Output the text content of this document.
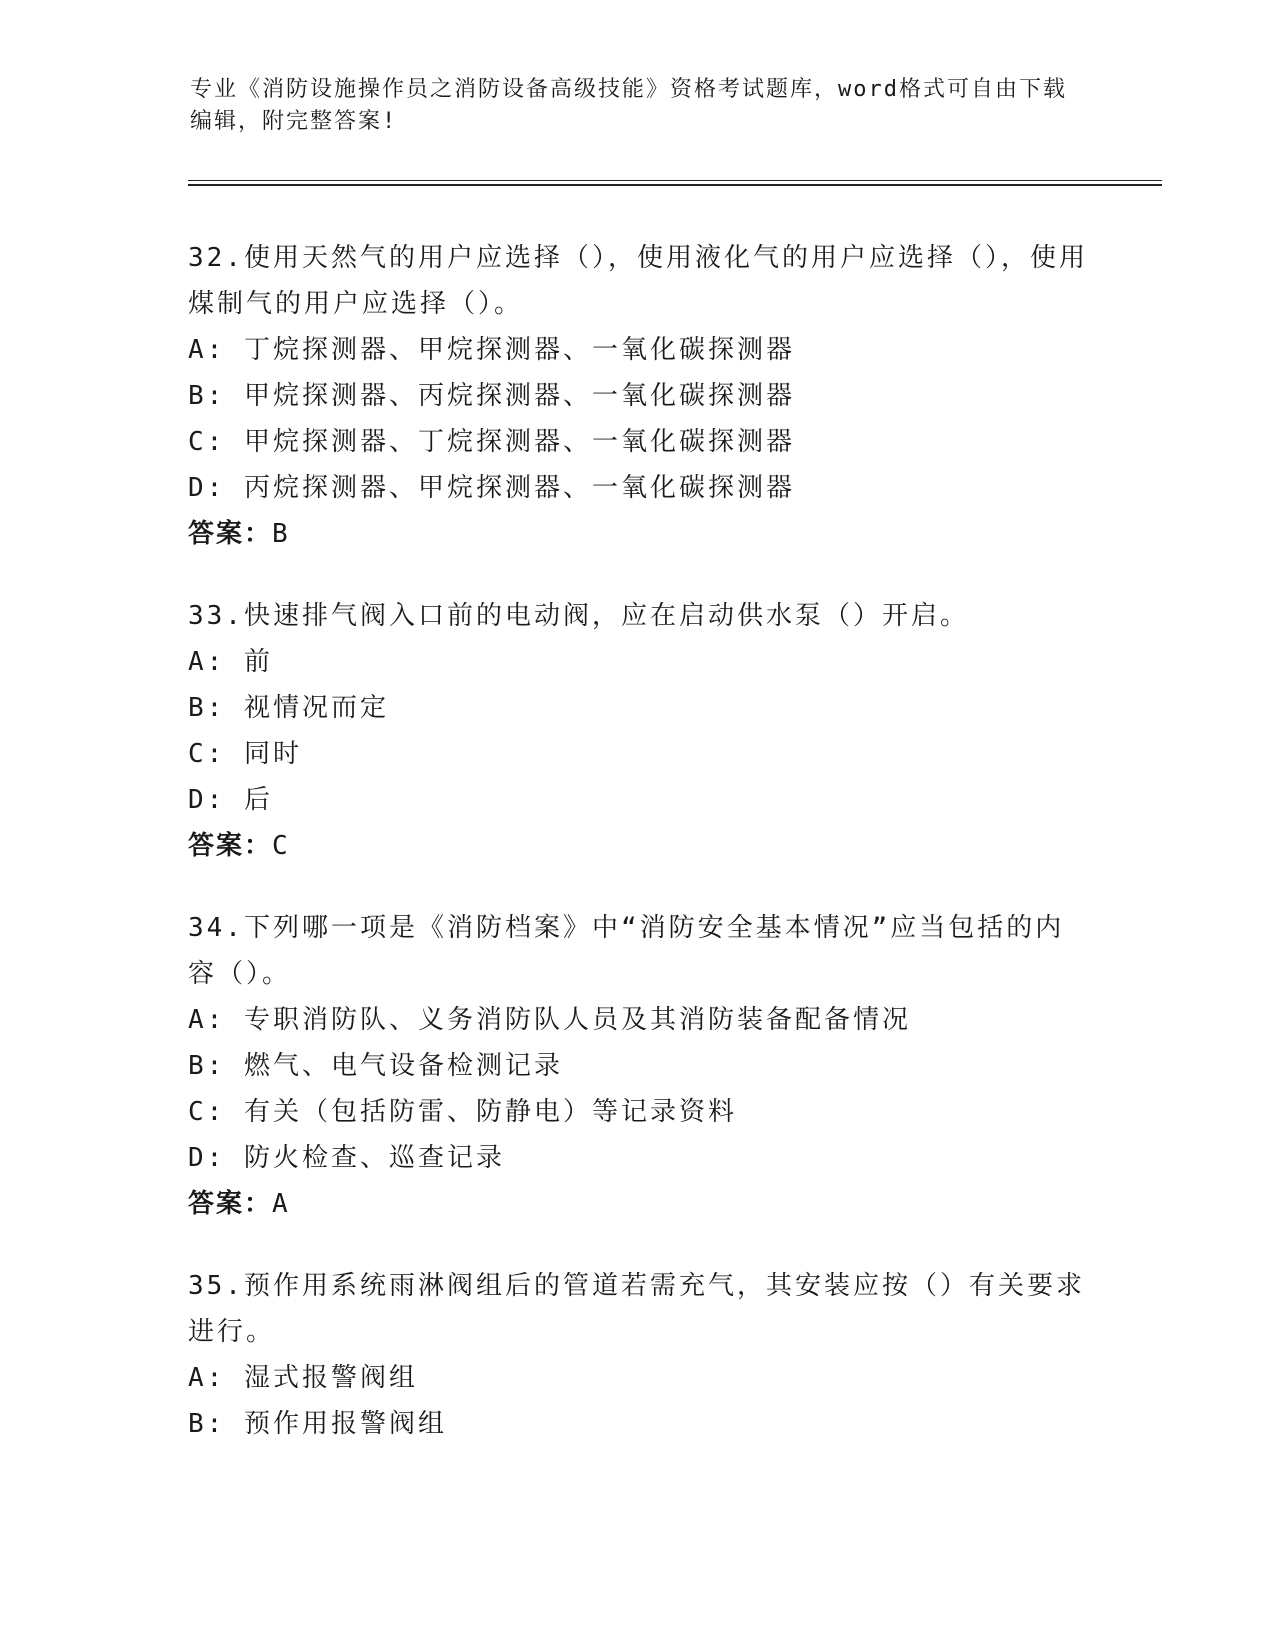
专业《消防设施操作员之消防设备高级技能》资格考试题库，word格式可自由下载编辑，附完整答案!

32.使用天然气的用户应选择（），使用液化气的用户应选择（），使用煤制气的用户应选择（）。

A: 丁烷探测器、甲烷探测器、一氧化碳探测器

B: 甲烷探测器、丙烷探测器、一氧化碳探测器

C: 甲烷探测器、丁烷探测器、一氧化碳探测器

D: 丙烷探测器、甲烷探测器、一氧化碳探测器

答案：B

33.快速排气阀入口前的电动阀，应在启动供水泵（）开启。

A: 前

B: 视情况而定

C: 同时

D: 后

答案：C

34.下列哪一项是《消防档案》中“消防安全基本情况”应当包括的内容（）。

A: 专职消防队、义务消防队人员及其消防装备配备情况

B: 燃气、电气设备检测记录

C: 有关（包括防雷、防静电）等记录资料

D: 防火检查、巡查记录

答案：A

35.预作用系统雨淋阀组后的管道若需充气，其安装应按（）有关要求进行。

A: 湿式报警阀组

B: 预作用报警阀组
